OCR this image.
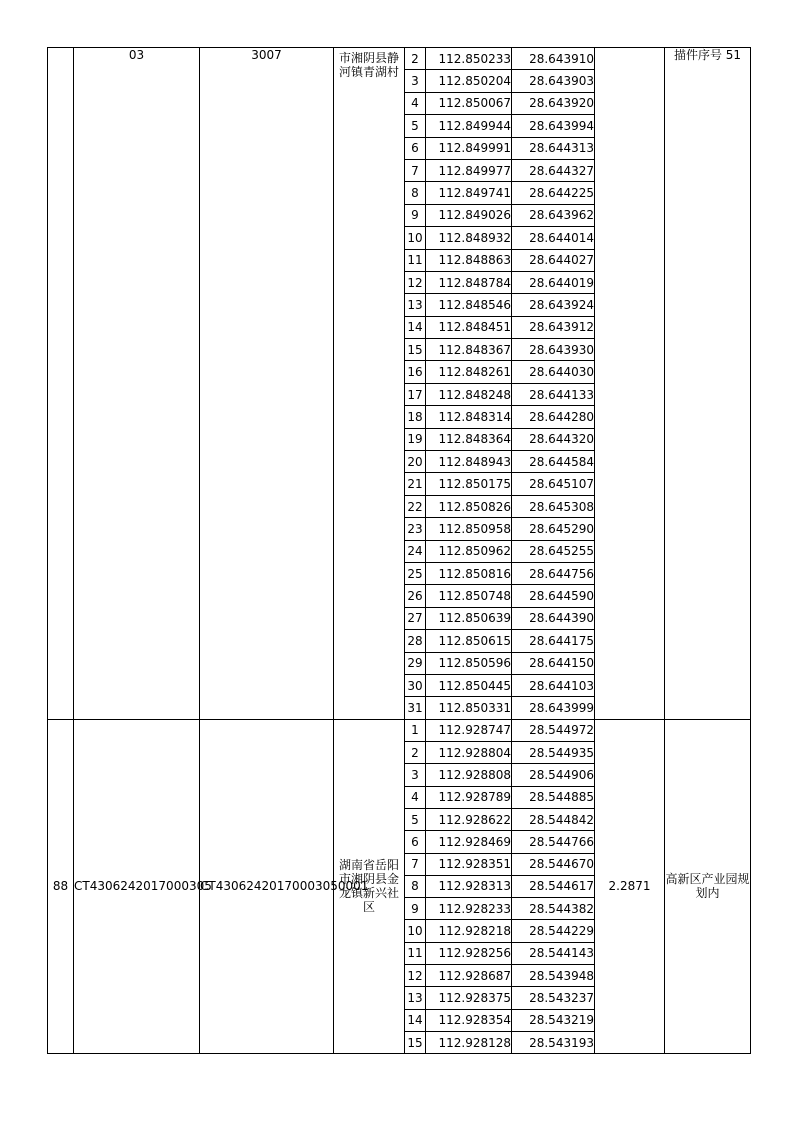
	03	3007	市湘阴县静河镇青湖村	2	112.850233	28.643910		描件序号 51
				3	112.850204	28.643903		
				4	112.850067	28.643920		
				5	112.849944	28.643994		
				6	112.849991	28.644313		
				7	112.849977	28.644327		
				8	112.849741	28.644225		
				9	112.849026	28.643962		
				10	112.848932	28.644014		
				11	112.848863	28.644027		
				12	112.848784	28.644019		
				13	112.848546	28.643924		
				14	112.848451	28.643912		
				15	112.848367	28.643930		
				16	112.848261	28.644030		
				17	112.848248	28.644133		
				18	112.848314	28.644280		
				19	112.848364	28.644320		
				20	112.848943	28.644584		
				21	112.850175	28.645107		
				22	112.850826	28.645308		
				23	112.850958	28.645290		
				24	112.850962	28.645255		
				25	112.850816	28.644756		
				26	112.850748	28.644590		
				27	112.850639	28.644390		
				28	112.850615	28.644175		
				29	112.850596	28.644150		
				30	112.850445	28.644103		
				31	112.850331	28.643999		
88	CT4306242017000305	CT43062420170003050001	湖南省岳阳市湘阴县金龙镇新兴社区	1	112.928747	28.544972	2.2871	高新区产业园规划内
				2	112.928804	28.544935		
				3	112.928808	28.544906		
				4	112.928789	28.544885		
				5	112.928622	28.544842		
				6	112.928469	28.544766		
				7	112.928351	28.544670		
				8	112.928313	28.544617		
				9	112.928233	28.544382		
				10	112.928218	28.544229		
				11	112.928256	28.544143		
				12	112.928687	28.543948		
				13	112.928375	28.543237		
				14	112.928354	28.543219		
				15	112.928128	28.543193		
